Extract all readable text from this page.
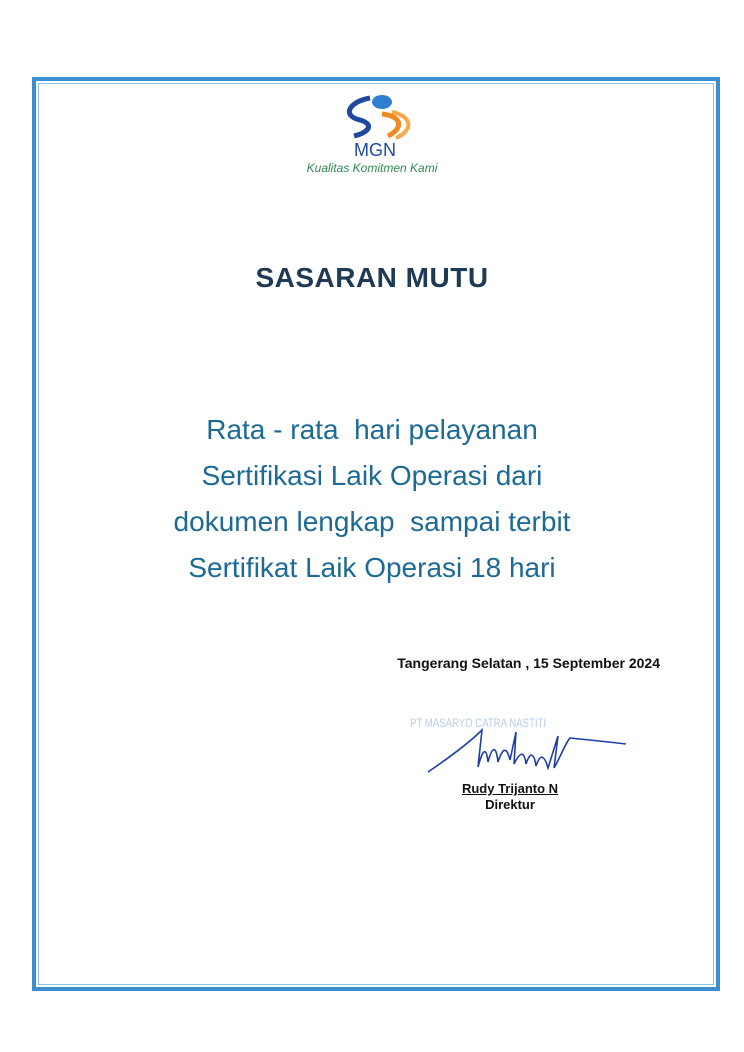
MGN
Kualitas Komitmen Kami
SASARAN MUTU
Rata - rata  hari pelayanan
Sertifikasi Laik Operasi dari
dokumen lengkap  sampai terbit
Sertifikat Laik Operasi 18 hari
Tangerang Selatan , 15 September 2024
PT MASARYO CATRA NASTITI
Rudy Trijanto N
Direktur
